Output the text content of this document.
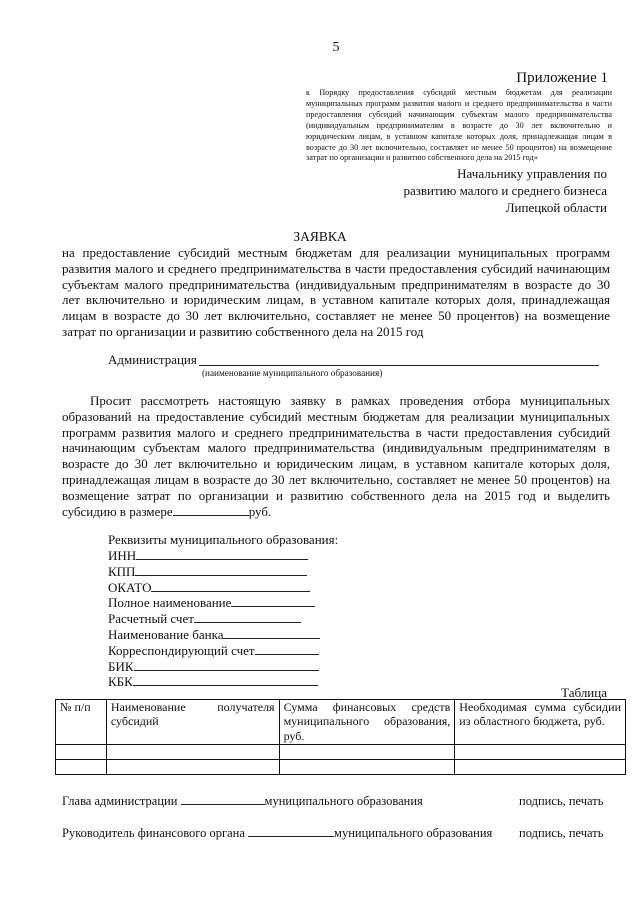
5
Приложение 1
к Порядку предоставления субсидий местным бюджетам для реализации муниципальных программ развития малого и среднего предпринимательства в части предоставления субсидий начинающим субъектам малого предпринимательства (индивидуальным предпринимателям в возрасте до 30 лет включительно и юридическим лицам, в уставном капитале которых доля, принадлежащая лицам в возрасте до 30 лет включительно, составляет не менее 50 процентов) на возмещение затрат по организации и развитию собственного дела на 2015 год»
Начальнику управления по
развитию малого и среднего бизнеса
Липецкой области
ЗАЯВКА
на предоставление субсидий местным бюджетам для реализации муниципальных программ развития малого и среднего предпринимательства в части предоставления субсидий начинающим субъектам малого предпринимательства (индивидуальным предпринимателям в возрасте до 30 лет включительно и юридическим лицам, в уставном капитале которых доля, принадлежащая лицам в возрасте до 30 лет включительно, составляет не менее 50 процентов) на возмещение затрат по организации и развитию собственного дела на 2015 год
Администрация
(наименование муниципального образования)
Просит рассмотреть настоящую заявку в рамках проведения отбора муниципальных образований на предоставление субсидий местным бюджетам для реализации муниципальных программ развития малого и среднего предпринимательства в части предоставления субсидий начинающим субъектам малого предпринимательства (индивидуальным предпринимателям в возрасте до 30 лет включительно и юридическим лицам, в уставном капитале которых доля, принадлежащая лицам в возрасте до 30 лет включительно, составляет не менее 50 процентов) на возмещение затрат по организации и развитию собственного дела на 2015 год и выделить субсидию в размере	руб.
Реквизиты муниципального образования:
ИНН
КПП
ОКАТО
Полное наименование
Расчетный счет
Наименование банка
Корреспондирующий счет
БИК
КБК
Таблица
№ п/п	Наименование получателя субсидий	Сумма финансовых средств муниципального образования, руб.	Необходимая сумма субсидии из областного бюджета, руб.

Глава администрации	муниципального образования	подпись, печать
Руководитель финансового органа	муниципального образования подпись, печать
